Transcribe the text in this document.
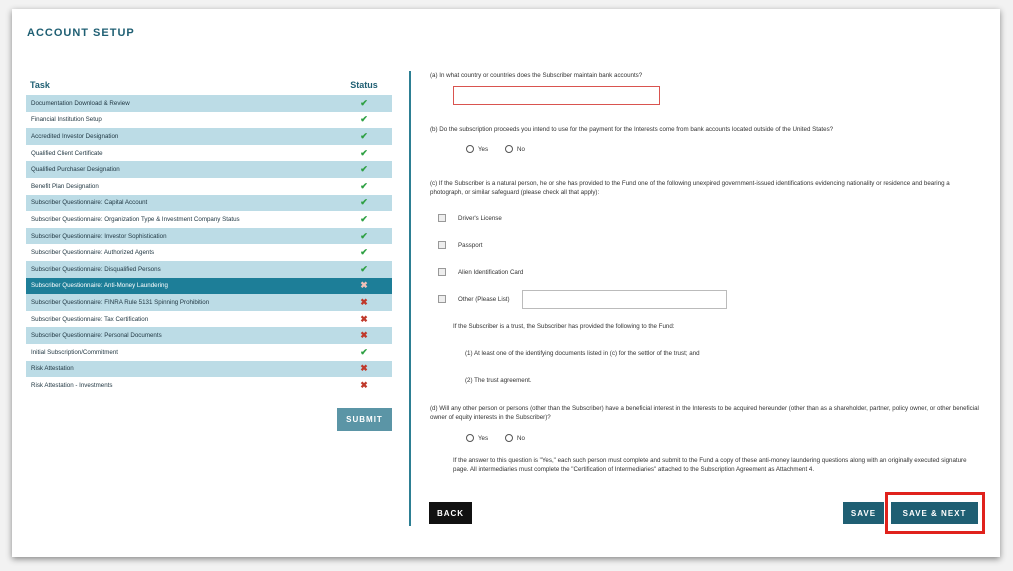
ACCOUNT SETUP
Task	Status
Documentation Download & Review	✔
Financial Institution Setup	✔
Accredited Investor Designation	✔
Qualified Client Certificate	✔
Qualified Purchaser Designation	✔
Benefit Plan Designation	✔
Subscriber Questionnaire: Capital Account	✔
Subscriber Questionnaire: Organization Type & Investment Company Status	✔
Subscriber Questionnaire: Investor Sophistication	✔
Subscriber Questionnaire: Authorized Agents	✔
Subscriber Questionnaire: Disqualified Persons	✔
Subscriber Questionnaire: Anti-Money Laundering	✖
Subscriber Questionnaire: FINRA Rule 5131 Spinning Prohibition	✖
Subscriber Questionnaire: Tax Certification	✖
Subscriber Questionnaire: Personal Documents	✖
Initial Subscription/Commitment	✔
Risk Attestation	✖
Risk Attestation - Investments	✖
SUBMIT
(a) In what country or countries does the Subscriber maintain bank accounts?
(b) Do the subscription proceeds you intend to use for the payment for the Interests come from bank accounts located outside of the United States?
Yes	No
(c) If the Subscriber is a natural person, he or she has provided to the Fund one of the following unexpired government-issued identifications evidencing nationality or residence and bearing a photograph, or similar safeguard (please check all that apply):
Driver's License
Passport
Alien Identification Card
Other (Please List)
If the Subscriber is a trust, the Subscriber has provided the following to the Fund:
(1) At least one of the identifying documents listed in (c) for the settlor of the trust; and
(2) The trust agreement.
(d) Will any other person or persons (other than the Subscriber) have a beneficial interest in the Interests to be acquired hereunder (other than as a shareholder, partner, policy owner, or other beneficial owner of equity interests in the Subscriber)?
Yes	No
If the answer to this question is "Yes," each such person must complete and submit to the Fund a copy of these anti-money laundering questions along with an originally executed signature page. All intermediaries must complete the "Certification of Intermediaries" attached to the Subscription Agreement as Attachment 4.
BACK	SAVE	SAVE & NEXT
